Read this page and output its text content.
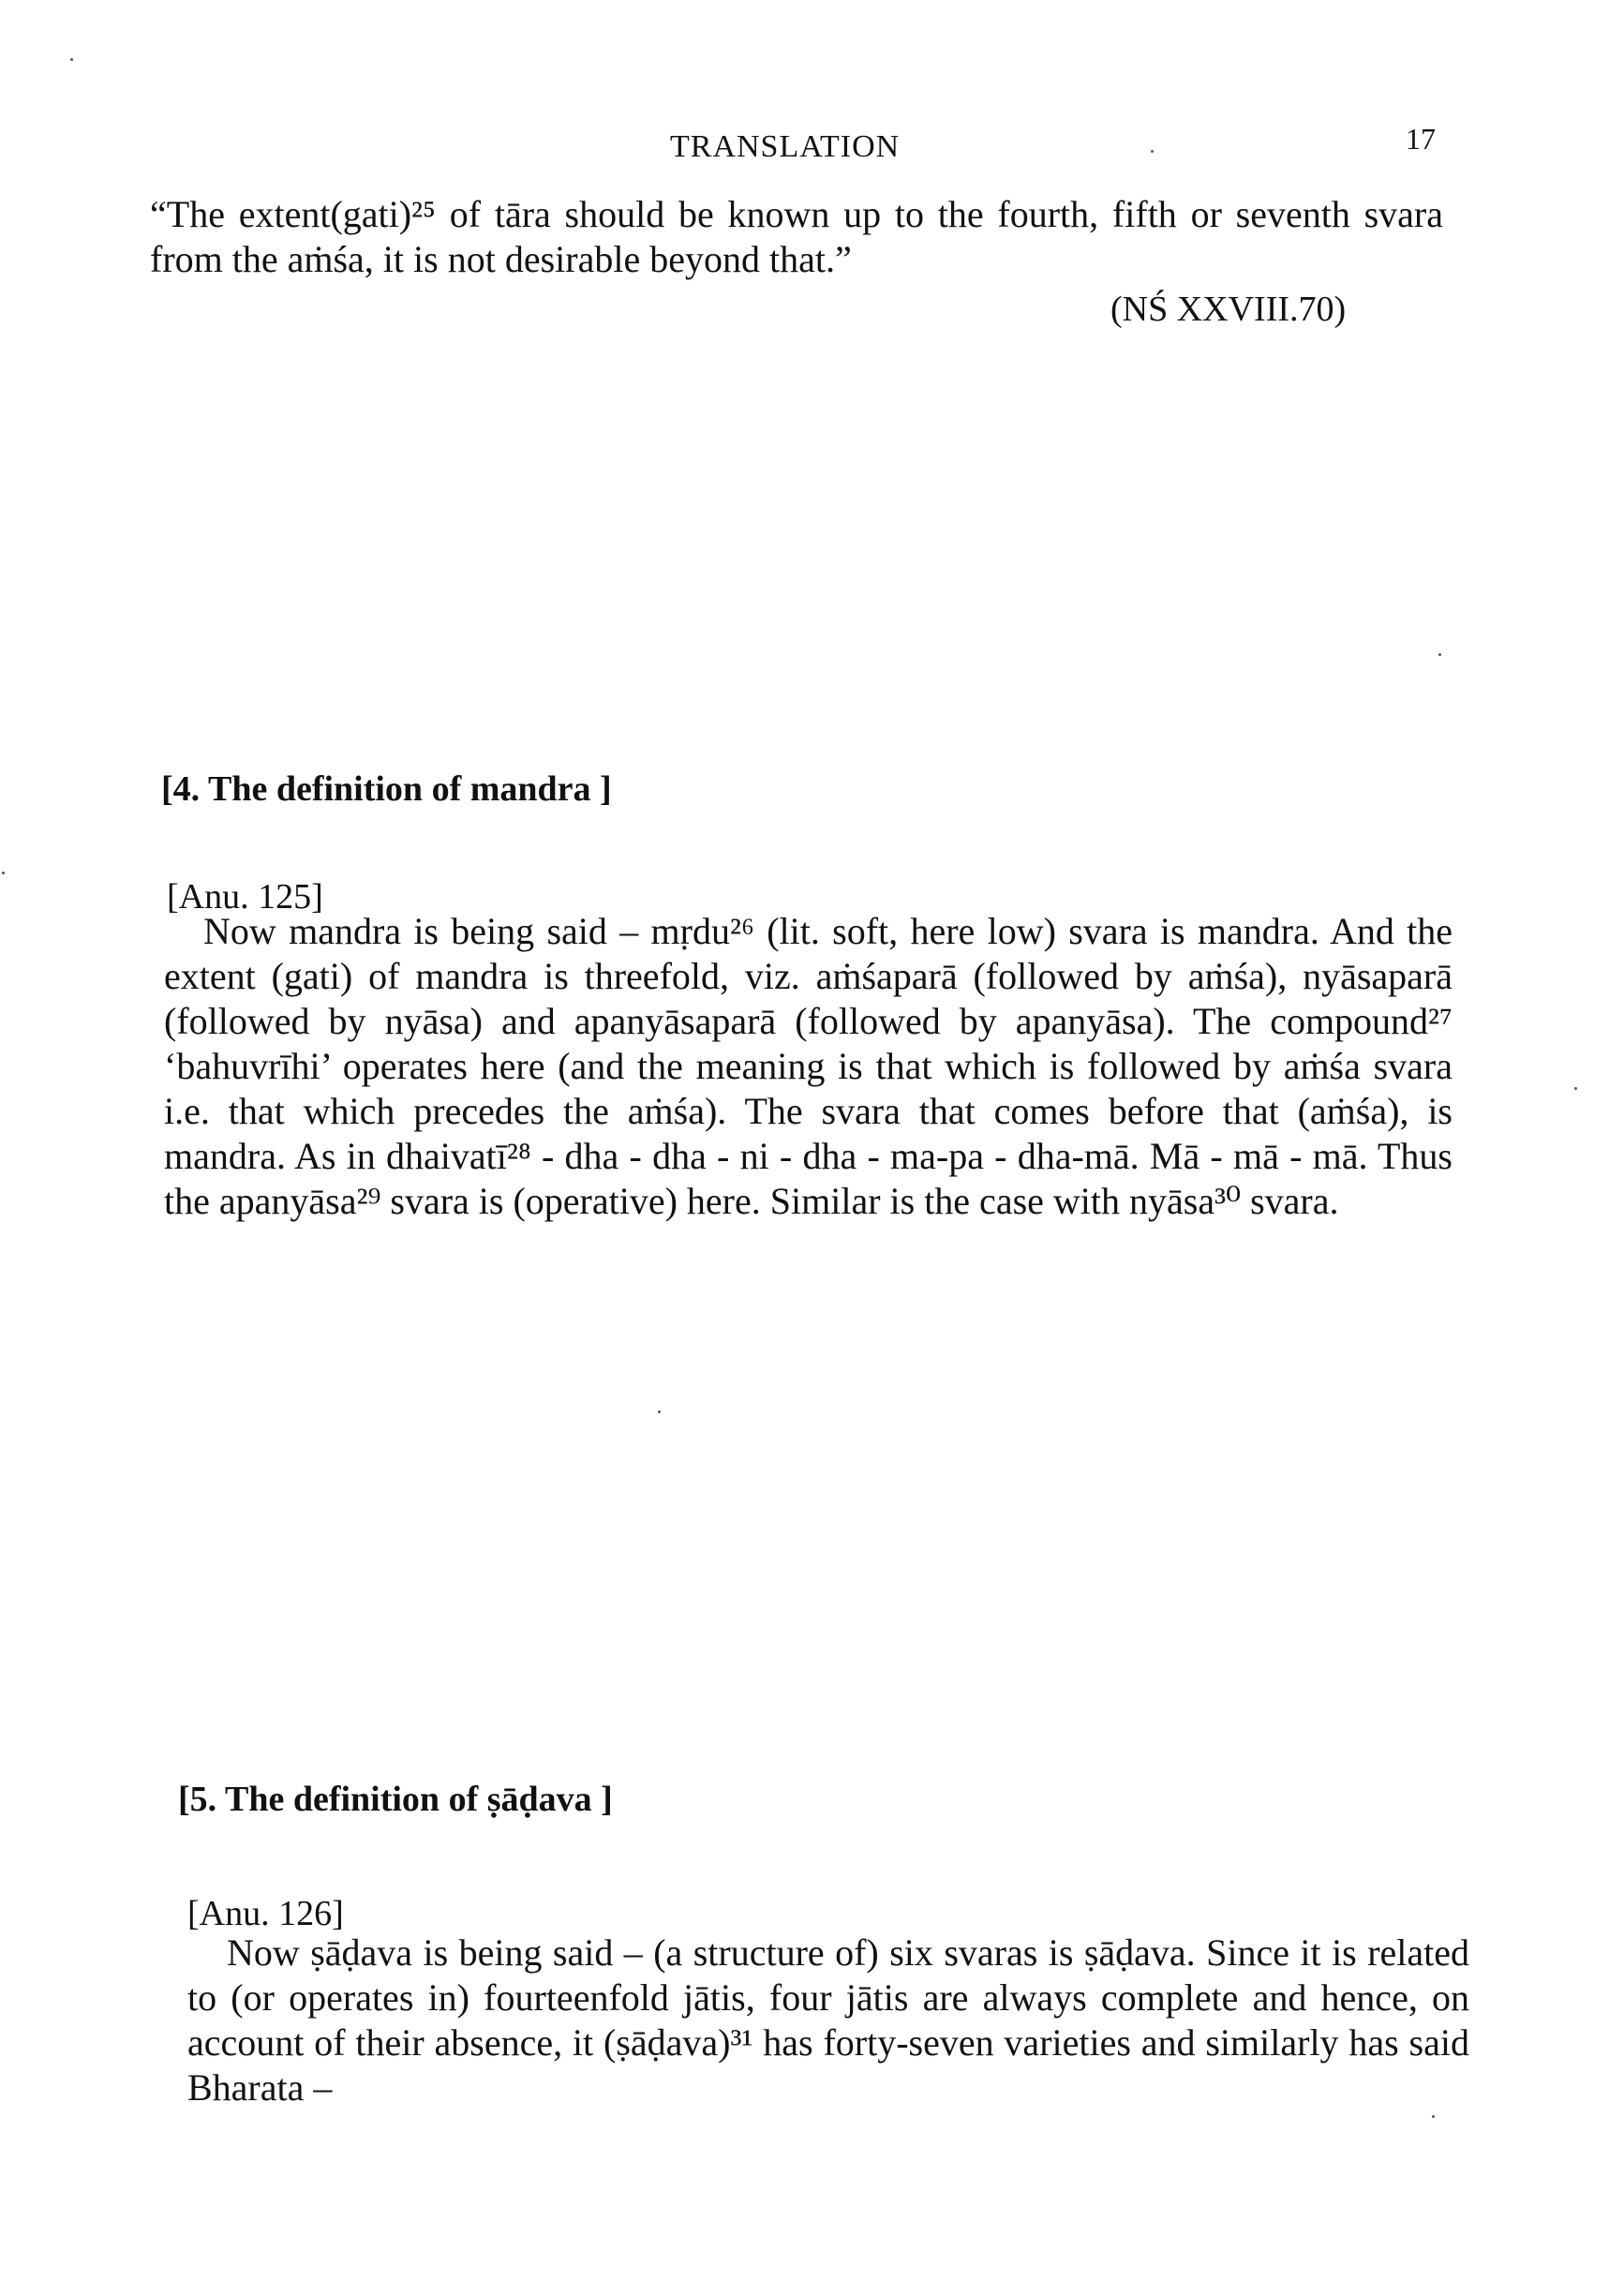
TRANSLATION	17

“The extent(gati)²⁵ of tāra should be known up to the fourth, fifth or seventh svara from the aṁśa, it is not desirable beyond that.”

(NŚ XXVIII.70)
[4. The definition of mandra ]
[Anu. 125]

Now mandra is being said – mṛdu²⁶ (lit. soft, here low) svara is mandra. And the extent (gati) of mandra is threefold, viz. aṁśaparā (followed by aṁśa), nyāsaparā (followed by nyāsa) and apanyāsaparā (followed by apanyāsa). The compound²⁷ ‘bahuvrīhi’ operates here (and the meaning is that which is followed by aṁśa svara i.e. that which precedes the aṁśa). The svara that comes before that (aṁśa), is mandra. As in dhaivatī²⁸ - dha - dha - ni - dha - ma-pa - dha-mā. Mā - mā - mā. Thus the apanyāsa²⁹ svara is (operative) here. Similar is the case with nyāsa³⁰ svara.

[5. The definition of ṣāḍava ]
[Anu. 126]

Now ṣāḍava is being said – (a structure of) six svaras is ṣāḍava. Since it is related to (or operates in) fourteenfold jātis, four jātis are always complete and hence, on account of their absence, it (ṣāḍava)³¹ has forty-seven varieties and similarly has said Bharata –
